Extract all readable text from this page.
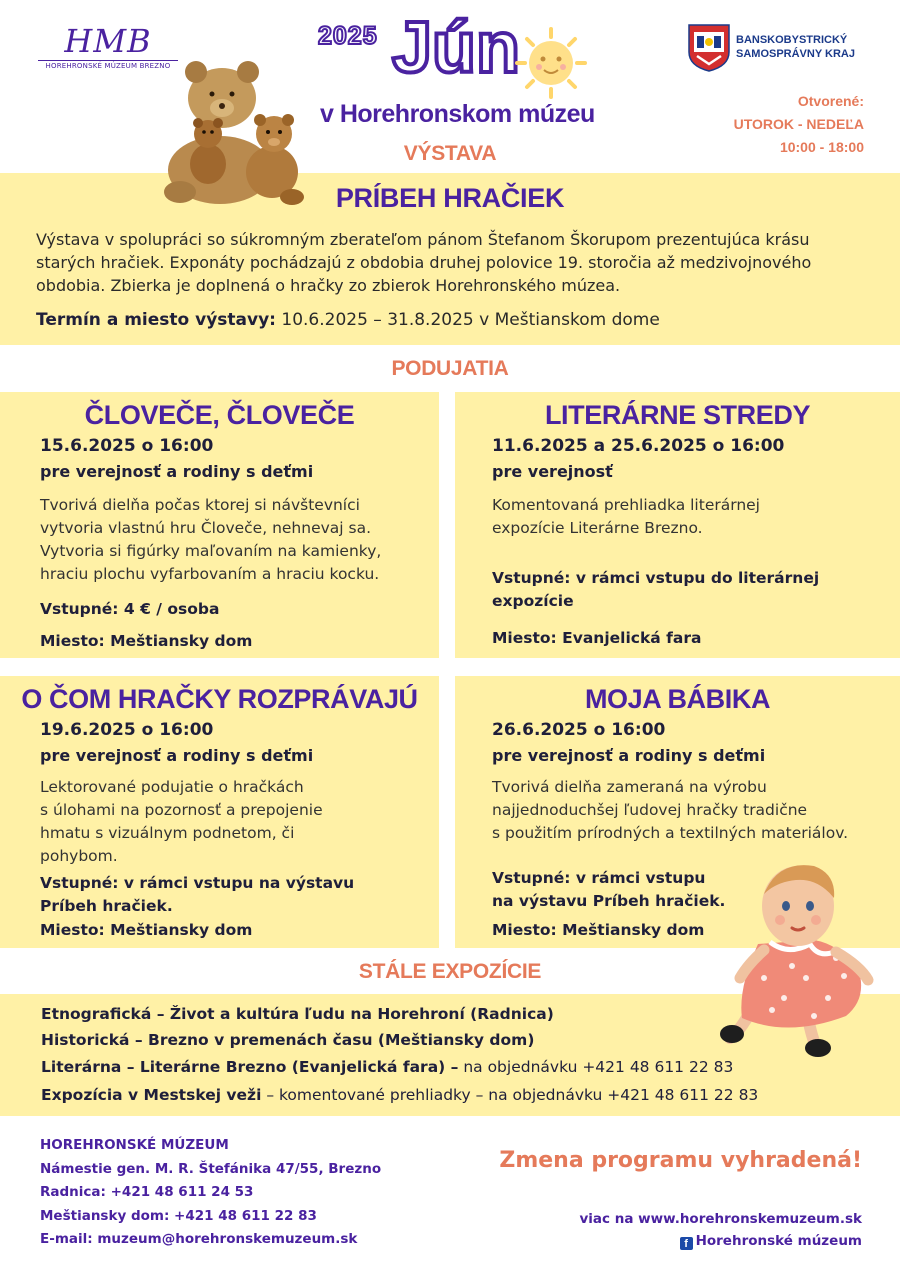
HMB
HOREHRONSKÉ MÚZEUM BREZNO
2025 Jún
v Horehronskom múzeu
BANSKOBYSTRICKÝ
SAMOSPRÁVNY KRAJ
Otvorené:
UTOROK - NEDEĽA
10:00 - 18:00
VÝSTAVA
PRÍBEH HRAČIEK
Výstava v spolupráci so súkromným zberateľom pánom Štefanom Škorupom prezentujúca krásu starých hračiek. Exponáty pochádzajú z obdobia druhej polovice 19. storočia až medzivojnového obdobia. Zbierka je doplnená o hračky zo zbierok Horehronského múzea.
Termín a miesto výstavy: 10.6.2025 – 31.8.2025 v Meštianskom dome
PODUJATIA
ČLOVEČE, ČLOVEČE
15.6.2025 o 16:00
pre verejnosť a rodiny s deťmi
Tvorivá dielňa počas ktorej si návštevníci
vytvoria vlastnú hru Človeče, nehnevaj sa.
Vytvoria si figúrky maľovaním na kamienky,
hraciu plochu vyfarbovaním a hraciu kocku.
Vstupné: 4 € / osoba
Miesto: Meštiansky dom
LITERÁRNE STREDY
11.6.2025 a 25.6.2025 o 16:00
pre verejnosť
Komentovaná prehliadka literárnej
expozície Literárne Brezno.
Vstupné: v rámci vstupu do literárnej
expozície
Miesto: Evanjelická fara
O ČOM HRAČKY ROZPRÁVAJÚ
19.6.2025 o 16:00
pre verejnosť a rodiny s deťmi
Lektorované podujatie o hračkách
s úlohami na pozornosť a prepojenie
hmatu s vizuálnym podnetom, či
pohybom.
Vstupné: v rámci vstupu na výstavu
Príbeh hračiek.
Miesto: Meštiansky dom
MOJA BÁBIKA
26.6.2025 o 16:00
pre verejnosť a rodiny s deťmi
Tvorivá dielňa zameraná na výrobu
najjednoduchšej ľudovej hračky tradične
s použitím prírodných a textilných materiálov.
Vstupné: v rámci vstupu
na výstavu Príbeh hračiek.
Miesto: Meštiansky dom
STÁLE EXPOZÍCIE
Etnografická – Život a kultúra ľudu na Horehroní (Radnica)
Historická – Brezno v premenách času (Meštiansky dom)
Literárna – Literárne Brezno (Evanjelická fara) – na objednávku +421 48 611 22 83
Expozícia v Mestskej veži – komentované prehliadky – na objednávku +421 48 611 22 83
HOREHRONSKÉ MÚZEUM
Námestie gen. M. R. Štefánika 47/55, Brezno
Radnica: +421 48 611 24 53
Meštiansky dom: +421 48 611 22 83
E-mail: muzeum@horehronskemuzeum.sk
Zmena programu vyhradená!
viac na www.horehronskemuzeum.sk
f Horehronské múzeum
